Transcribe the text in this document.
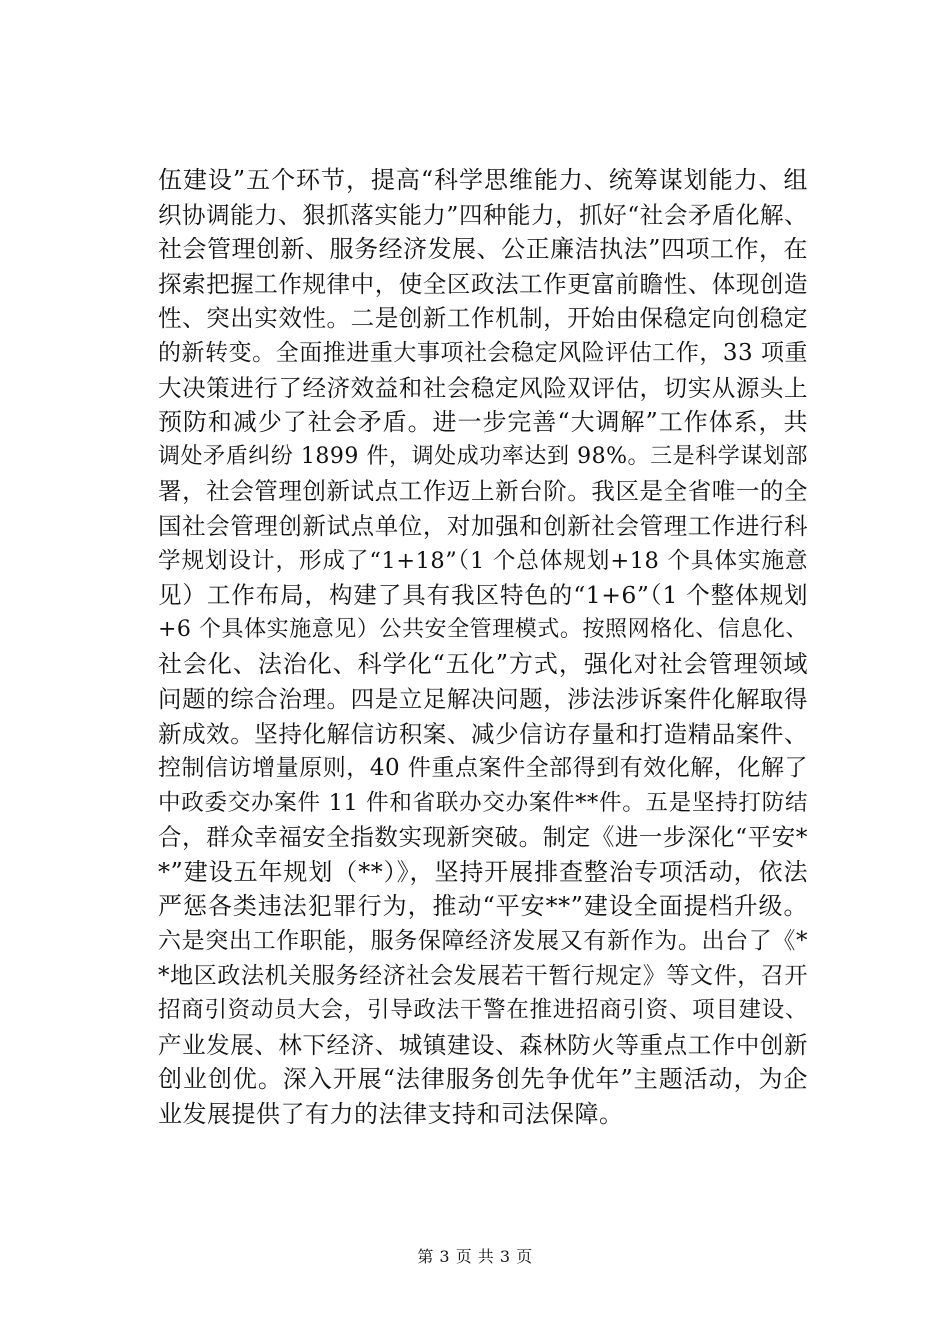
伍建设”五个环节，提高“科学思维能力、统筹谋划能力、组
织协调能力、狠抓落实能力”四种能力，抓好“社会矛盾化解、
社会管理创新、服务经济发展、公正廉洁执法”四项工作，在
探索把握工作规律中，使全区政法工作更富前瞻性、体现创造
性、突出实效性。二是创新工作机制，开始由保稳定向创稳定
的新转变。全面推进重大事项社会稳定风险评估工作，33 项重
大决策进行了经济效益和社会稳定风险双评估，切实从源头上
预防和减少了社会矛盾。进一步完善“大调解”工作体系，共
调处矛盾纠纷 1899 件，调处成功率达到 98%。三是科学谋划部
署，社会管理创新试点工作迈上新台阶。我区是全省唯一的全
国社会管理创新试点单位，对加强和创新社会管理工作进行科
学规划设计，形成了“1+18”（1 个总体规划+18 个具体实施意
见）工作布局，构建了具有我区特色的“1+6”（1 个整体规划
+6 个具体实施意见）公共安全管理模式。按照网格化、信息化、
社会化、法治化、科学化“五化”方式，强化对社会管理领域
问题的综合治理。四是立足解决问题，涉法涉诉案件化解取得
新成效。坚持化解信访积案、减少信访存量和打造精品案件、
控制信访增量原则，40 件重点案件全部得到有效化解，化解了
中政委交办案件 11 件和省联办交办案件**件。五是坚持打防结
合，群众幸福安全指数实现新突破。制定《进一步深化“平安*
*”建设五年规划（**）》，坚持开展排查整治专项活动，依法
严惩各类违法犯罪行为，推动“平安**”建设全面提档升级。
六是突出工作职能，服务保障经济发展又有新作为。出台了《*
*地区政法机关服务经济社会发展若干暂行规定》等文件，召开
招商引资动员大会，引导政法干警在推进招商引资、项目建设、
产业发展、林下经济、城镇建设、森林防火等重点工作中创新
创业创优。深入开展“法律服务创先争优年”主题活动，为企
业发展提供了有力的法律支持和司法保障。
第 3 页 共 3 页
